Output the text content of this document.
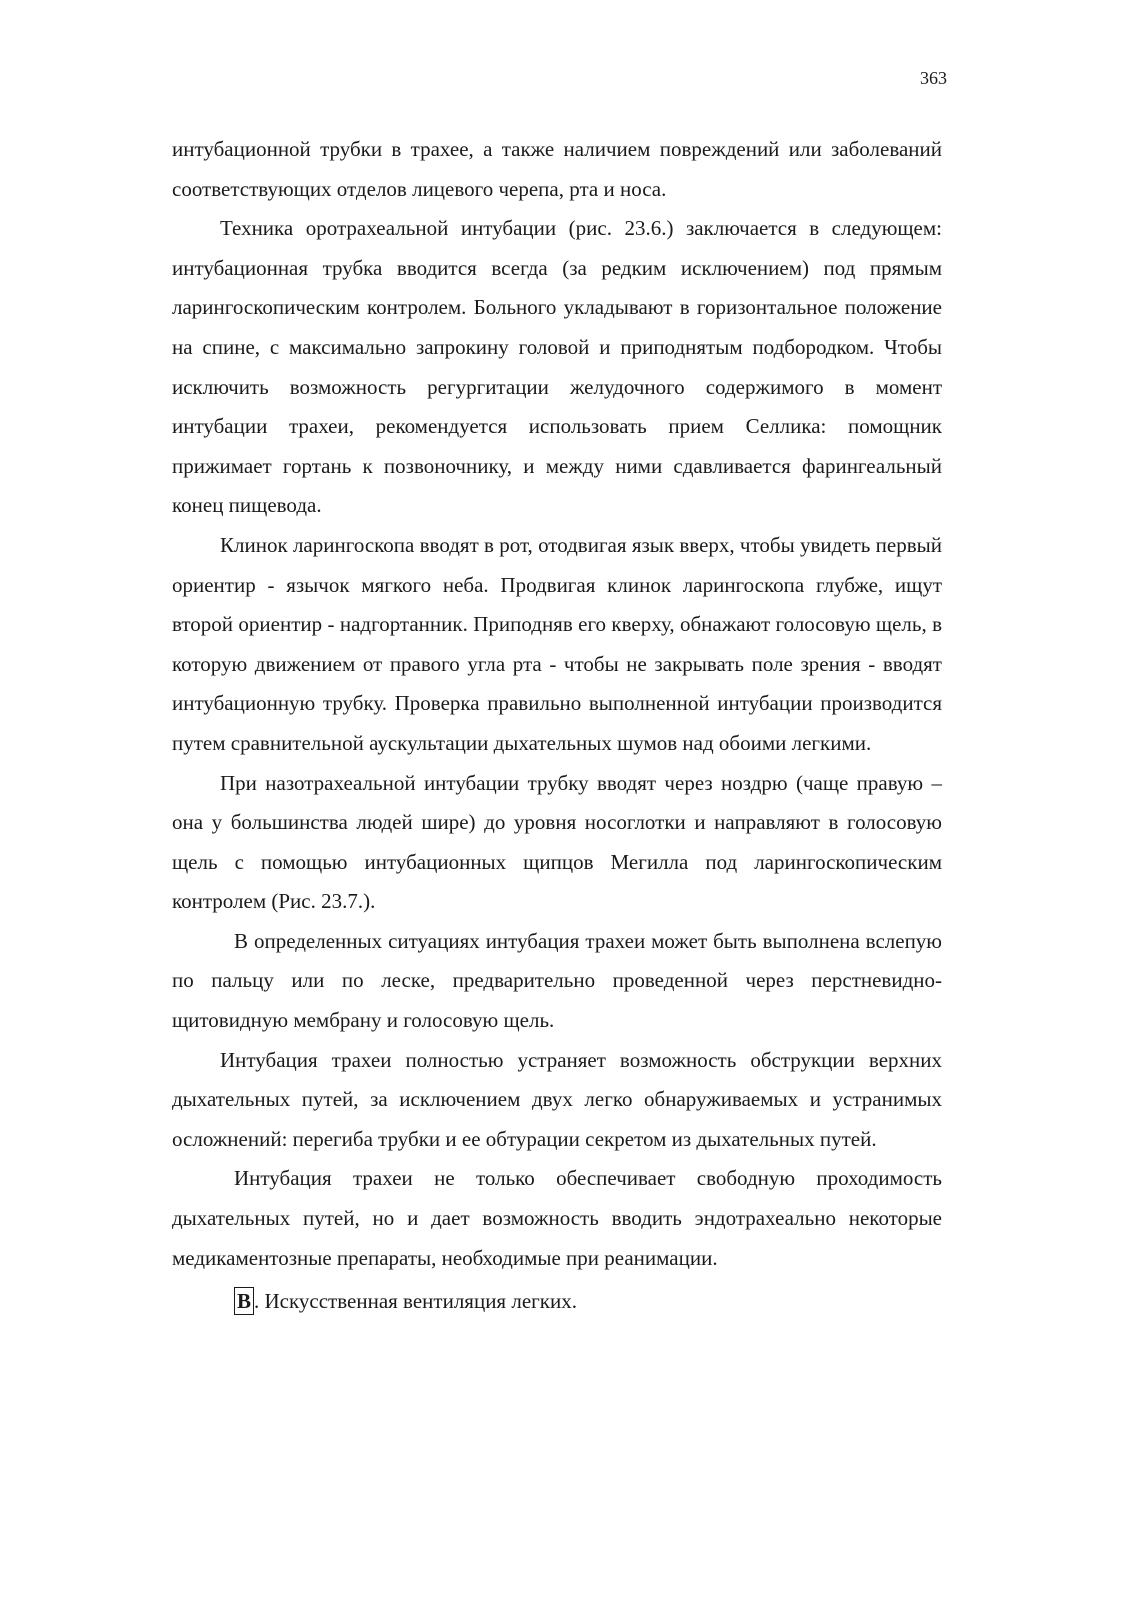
363

интубационной трубки в трахее, а также наличием повреждений или заболеваний соответствующих отделов лицевого черепа, рта и носа.

Техника оротрахеальной интубации (рис. 23.6.) заключается в следующем: интубационная трубка вводится всегда (за редким исключением) под прямым ларингоскопическим контролем. Больного укладывают в горизонтальное положение на спине, с максимально запрокину головой и приподнятым подбородком. Чтобы исключить возможность регургитации желудочного содержимого в момент интубации трахеи, рекомендуется использовать прием Селлика: помощник прижимает гортань к позвоночнику, и между ними сдавливается фарингеальный конец пищевода.

Клинок ларингоскопа вводят в рот, отодвигая язык вверх, чтобы увидеть первый ориентир - язычок мягкого неба. Продвигая клинок ларингоскопа глубже, ищут второй ориентир - надгортанник. Приподняв его кверху, обнажают голосовую щель, в которую движением от правого угла рта - чтобы не закрывать поле зрения - вводят интубационную трубку. Проверка правильно выполненной интубации производится путем сравнительной аускультации дыхательных шумов над обоими легкими.

При назотрахеальной интубации трубку вводят через ноздрю (чаще правую – она у большинства людей шире) до уровня носоглотки и направляют в голосовую щель с помощью интубационных щипцов Мегилла под ларингоскопическим контролем (Рис. 23.7.).

В определенных ситуациях интубация трахеи может быть выполнена вслепую по пальцу или по леске, предварительно проведенной через перстневидно-щитовидную мембрану и голосовую щель.

Интубация трахеи полностью устраняет возможность обструкции верхних дыхательных путей, за исключением двух легко обнаруживаемых и устранимых осложнений: перегиба трубки и ее обтурации секретом из дыхательных путей.

Интубация трахеи не только обеспечивает свободную проходимость дыхательных путей, но и дает возможность вводить эндотрахеально некоторые медикаментозные препараты, необходимые при реанимации.

В . Искусственная вентиляция легких.
